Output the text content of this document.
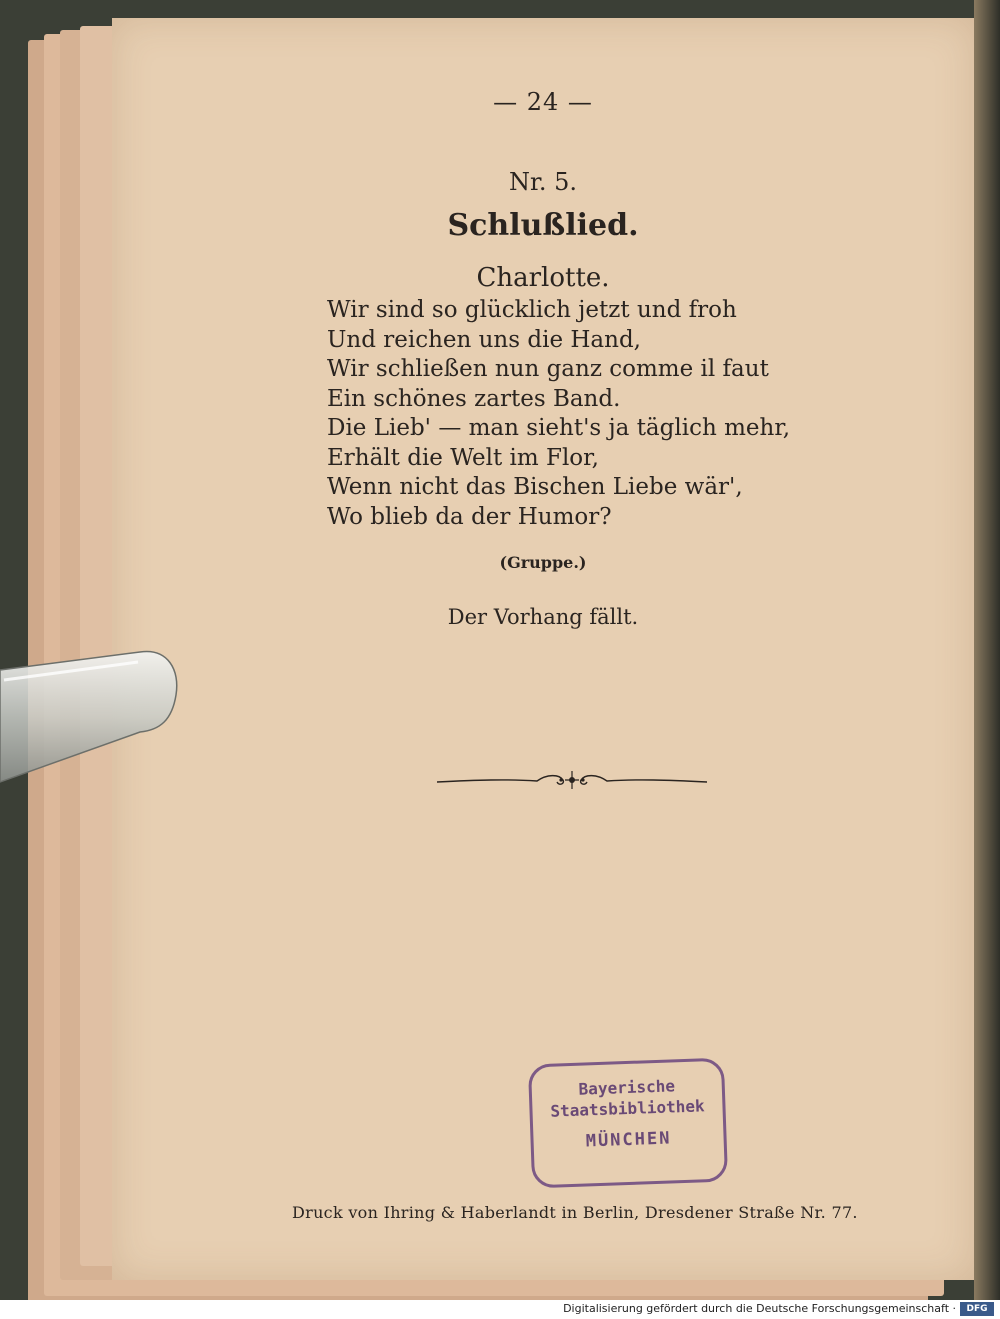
— 24 —
Nr. 5.
Schlußlied.
Charlotte.
Wir sind so glücklich jetzt und froh
Und reichen uns die Hand,
Wir schließen nun ganz comme il faut
Ein schönes zartes Band.
Die Lieb' — man sieht's ja täglich mehr,
Erhält die Welt im Flor,
Wenn nicht das Bischen Liebe wär',
Wo blieb da der Humor?
(Gruppe.)
Der Vorhang fällt.
Bayerische
Staatsbibliothek
MÜNCHEN
Druck von Ihring & Haberlandt in Berlin, Dresdener Straße Nr. 77.
Digitalisierung gefördert durch die Deutsche Forschungsgemeinschaft ·	DFG
